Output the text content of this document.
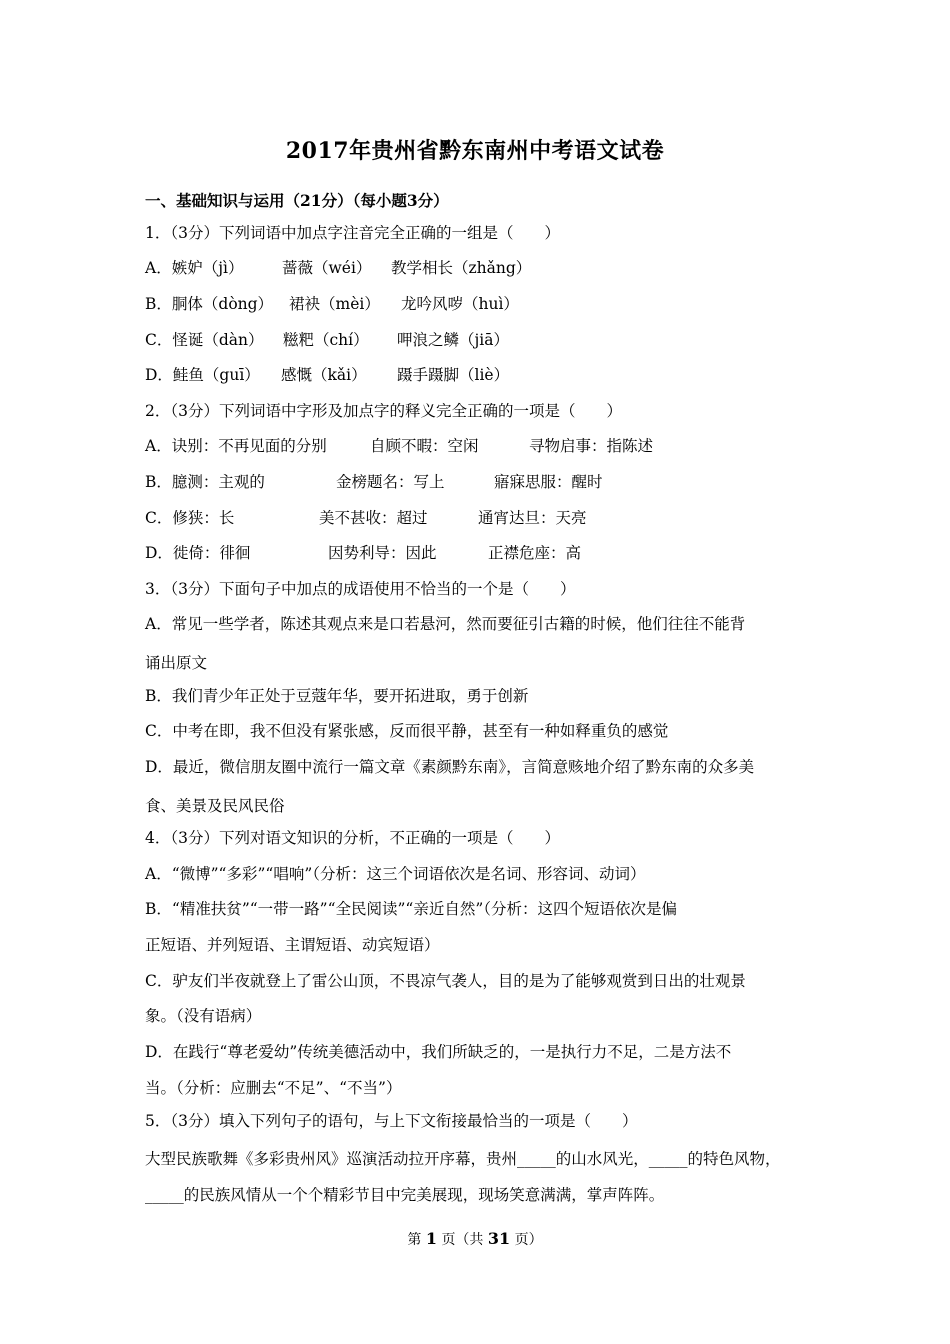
2017年贵州省黔东南州中考语文试卷
一、基础知识与运用（21分）（每小题3分）
1．（3分）下列词语中加点字注音完全正确的一组是（　　）
A．嫉妒（jì） 蔷薇（wéi） 教学相长（zhǎng）
B．胴体（dòng） 裙袂（mèi） 龙吟风哕（huì）
C．怪诞（dàn） 糍粑（chí） 呷浪之鳞（jiā）
D．鲑鱼（guī） 感慨（kǎi） 蹑手蹑脚（liè）
2．（3分）下列词语中字形及加点字的释义完全正确的一项是（　　）
A．诀别：不再见面的分别	自顾不暇：空闲	寻物启事：指陈述
B．臆测：主观的	金榜题名：写上	寤寐思服：醒时
C．修狭：长	美不甚收：超过	通宵达旦：天亮
D．徙倚：徘徊	因势利导：因此	正襟危座：高
3．（3分）下面句子中加点的成语使用不恰当的一个是（　　）
A．常见一些学者，陈述其观点来是口若悬河，然而要征引古籍的时候，他们往往不能背
诵出原文
B．我们青少年正处于豆蔻年华，要开拓进取，勇于创新
C．中考在即，我不但没有紧张感，反而很平静，甚至有一种如释重负的感觉
D．最近，微信朋友圈中流行一篇文章《素颜黔东南》，言简意赅地介绍了黔东南的众多美
食、美景及民风民俗
4．（3分）下列对语文知识的分析，不正确的一项是（　　）
A．“微博”“多彩”“唱响”（分析：这三个词语依次是名词、形容词、动词）
B．“精准扶贫”“一带一路”“全民阅读”“亲近自然”（分析：这四个短语依次是偏
正短语、并列短语、主谓短语、动宾短语）
C．驴友们半夜就登上了雷公山顶，不畏凉气袭人，目的是为了能够观赏到日出的壮观景
象。（没有语病）
D．在践行“尊老爱幼”传统美德活动中，我们所缺乏的，一是执行力不足，二是方法不
当。（分析：应删去“不足”、“不当”）
5．（3分）填入下列句子的语句，与上下文衔接最恰当的一项是（　　）
大型民族歌舞《多彩贵州风》巡演活动拉开序幕，贵州_____的山水风光，_____的特色风物，
_____的民族风情从一个个精彩节目中完美展现，现场笑意满满，掌声阵阵。
第 1 页（共 31 页）
